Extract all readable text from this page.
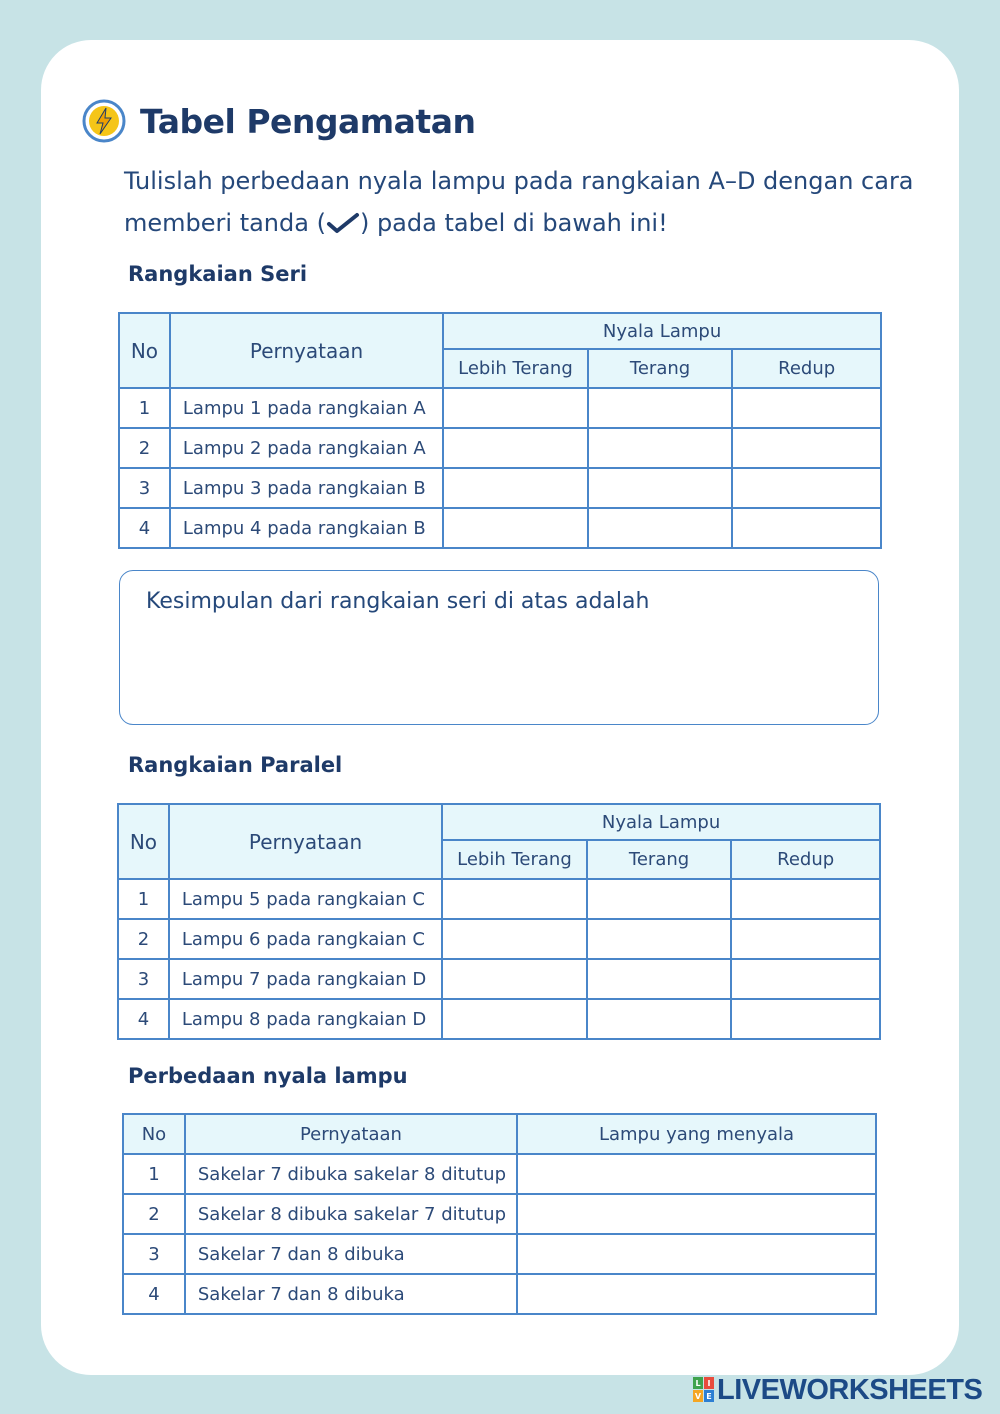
Tabel Pengamatan
Tulislah perbedaan nyala lampu pada rangkaian A–D dengan cara
memberi tanda ( ) pada tabel di bawah ini!
Rangkaian Seri
No	Pernyataan	Nyala Lampu		
		Lebih Terang	Terang	Redup
1	Lampu 1 pada rangkaian A			
2	Lampu 2 pada rangkaian A			
3	Lampu 3 pada rangkaian B			
4	Lampu 4 pada rangkaian B			
Kesimpulan dari rangkaian seri di atas adalah
Rangkaian Paralel
No	Pernyataan	Nyala Lampu		
		Lebih Terang	Terang	Redup
1	Lampu 5 pada rangkaian C			
2	Lampu 6 pada rangkaian C			
3	Lampu 7 pada rangkaian D			
4	Lampu 8 pada rangkaian D			
Perbedaan nyala lampu
No	Pernyataan	Lampu yang menyala
1	Sakelar 7 dibuka sakelar 8 ditutup	
2	Sakelar 8 dibuka sakelar 7 ditutup	
3	Sakelar 7 dan 8 dibuka	
4	Sakelar 7 dan 8 dibuka	
L I
V E LIVEWORKSHEETS
